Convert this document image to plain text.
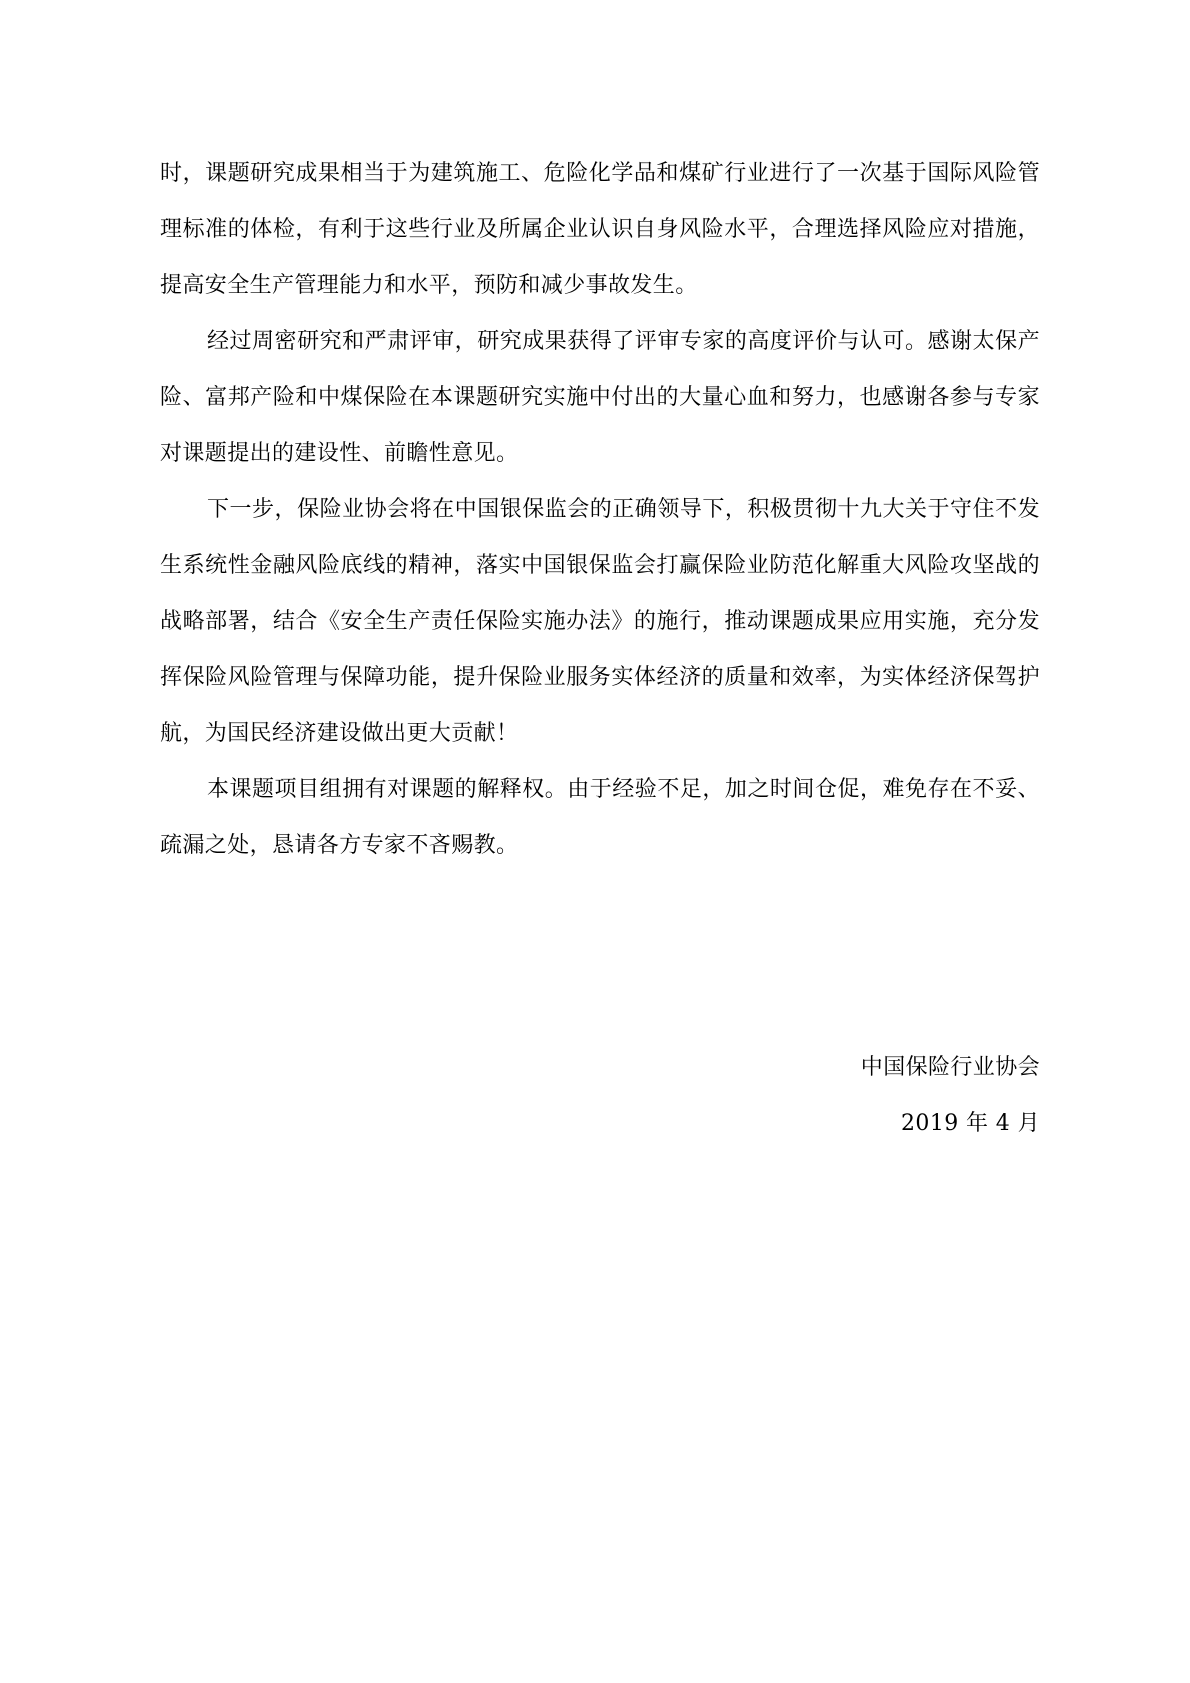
时，课题研究成果相当于为建筑施工、危险化学品和煤矿行业进行了一次基于国际风险管理标准的体检，有利于这些行业及所属企业认识自身风险水平，合理选择风险应对措施，提高安全生产管理能力和水平，预防和减少事故发生。

经过周密研究和严肃评审，研究成果获得了评审专家的高度评价与认可。感谢太保产险、富邦产险和中煤保险在本课题研究实施中付出的大量心血和努力，也感谢各参与专家对课题提出的建设性、前瞻性意见。

下一步，保险业协会将在中国银保监会的正确领导下，积极贯彻十九大关于守住不发生系统性金融风险底线的精神，落实中国银保监会打赢保险业防范化解重大风险攻坚战的战略部署，结合《安全生产责任保险实施办法》的施行，推动课题成果应用实施，充分发挥保险风险管理与保障功能，提升保险业服务实体经济的质量和效率，为实体经济保驾护航，为国民经济建设做出更大贡献！

本课题项目组拥有对课题的解释权。由于经验不足，加之时间仓促，难免存在不妥、疏漏之处，恳请各方专家不吝赐教。

中国保险行业协会
2019 年 4 月
